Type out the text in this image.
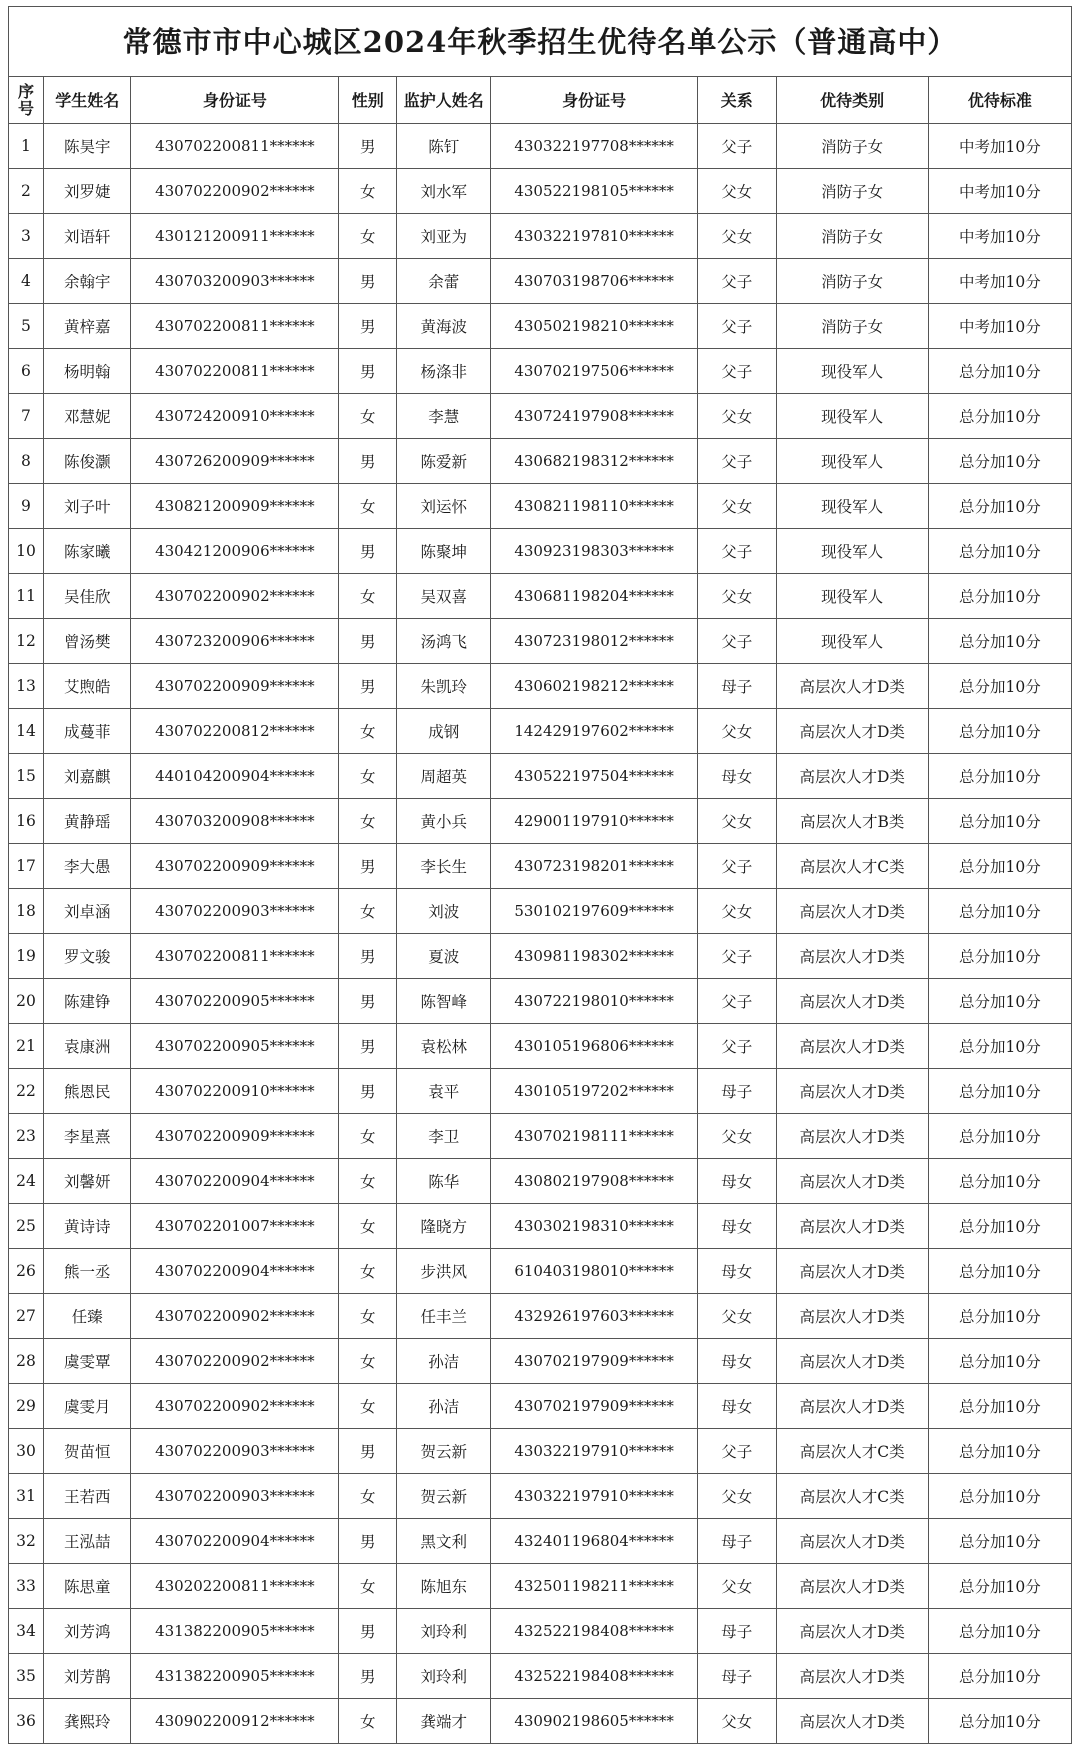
常德市市中心城区2024年秋季招生优待名单公示（普通高中）
序
号	学生姓名	身份证号	性别	监护人姓名	身份证号	关系	优待类别	优待标准
1	陈昊宇	430702200811******	男	陈钉	430322197708******	父子	消防子女	中考加10分
2	刘罗婕	430702200902******	女	刘水军	430522198105******	父女	消防子女	中考加10分
3	刘语轩	430121200911******	女	刘亚为	430322197810******	父女	消防子女	中考加10分
4	余翰宇	430703200903******	男	余蕾	430703198706******	父子	消防子女	中考加10分
5	黄梓嘉	430702200811******	男	黄海波	430502198210******	父子	消防子女	中考加10分
6	杨明翰	430702200811******	男	杨涤非	430702197506******	父子	现役军人	总分加10分
7	邓慧妮	430724200910******	女	李慧	430724197908******	父女	现役军人	总分加10分
8	陈俊灏	430726200909******	男	陈爱新	430682198312******	父子	现役军人	总分加10分
9	刘子叶	430821200909******	女	刘运怀	430821198110******	父女	现役军人	总分加10分
10	陈家曦	430421200906******	男	陈聚坤	430923198303******	父子	现役军人	总分加10分
11	吴佳欣	430702200902******	女	吴双喜	430681198204******	父女	现役军人	总分加10分
12	曾汤樊	430723200906******	男	汤鸿飞	430723198012******	父子	现役军人	总分加10分
13	艾煦皓	430702200909******	男	朱凯玲	430602198212******	母子	高层次人才D类	总分加10分
14	成蔓菲	430702200812******	女	成钢	142429197602******	父女	高层次人才D类	总分加10分
15	刘嘉麒	440104200904******	女	周超英	430522197504******	母女	高层次人才D类	总分加10分
16	黄静瑶	430703200908******	女	黄小兵	429001197910******	父女	高层次人才B类	总分加10分
17	李大愚	430702200909******	男	李长生	430723198201******	父子	高层次人才C类	总分加10分
18	刘卓涵	430702200903******	女	刘波	530102197609******	父女	高层次人才D类	总分加10分
19	罗文骏	430702200811******	男	夏波	430981198302******	父子	高层次人才D类	总分加10分
20	陈建铮	430702200905******	男	陈智峰	430722198010******	父子	高层次人才D类	总分加10分
21	袁康洲	430702200905******	男	袁松林	430105196806******	父子	高层次人才D类	总分加10分
22	熊恩民	430702200910******	男	袁平	430105197202******	母子	高层次人才D类	总分加10分
23	李星熹	430702200909******	女	李卫	430702198111******	父女	高层次人才D类	总分加10分
24	刘馨妍	430702200904******	女	陈华	430802197908******	母女	高层次人才D类	总分加10分
25	黄诗诗	430702201007******	女	隆晓方	430302198310******	母女	高层次人才D类	总分加10分
26	熊一丞	430702200904******	女	步洪风	610403198010******	母女	高层次人才D类	总分加10分
27	任臻	430702200902******	女	任丰兰	432926197603******	父女	高层次人才D类	总分加10分
28	虞雯覃	430702200902******	女	孙洁	430702197909******	母女	高层次人才D类	总分加10分
29	虞雯月	430702200902******	女	孙洁	430702197909******	母女	高层次人才D类	总分加10分
30	贺苗恒	430702200903******	男	贺云新	430322197910******	父子	高层次人才C类	总分加10分
31	王若西	430702200903******	女	贺云新	430322197910******	父女	高层次人才C类	总分加10分
32	王泓喆	430702200904******	男	黑文利	432401196804******	母子	高层次人才D类	总分加10分
33	陈思童	430202200811******	女	陈旭东	432501198211******	父女	高层次人才D类	总分加10分
34	刘芳鸿	431382200905******	男	刘玲利	432522198408******	母子	高层次人才D类	总分加10分
35	刘芳鹊	431382200905******	男	刘玲利	432522198408******	母子	高层次人才D类	总分加10分
36	龚熙玲	430902200912******	女	龚端才	430902198605******	父女	高层次人才D类	总分加10分
